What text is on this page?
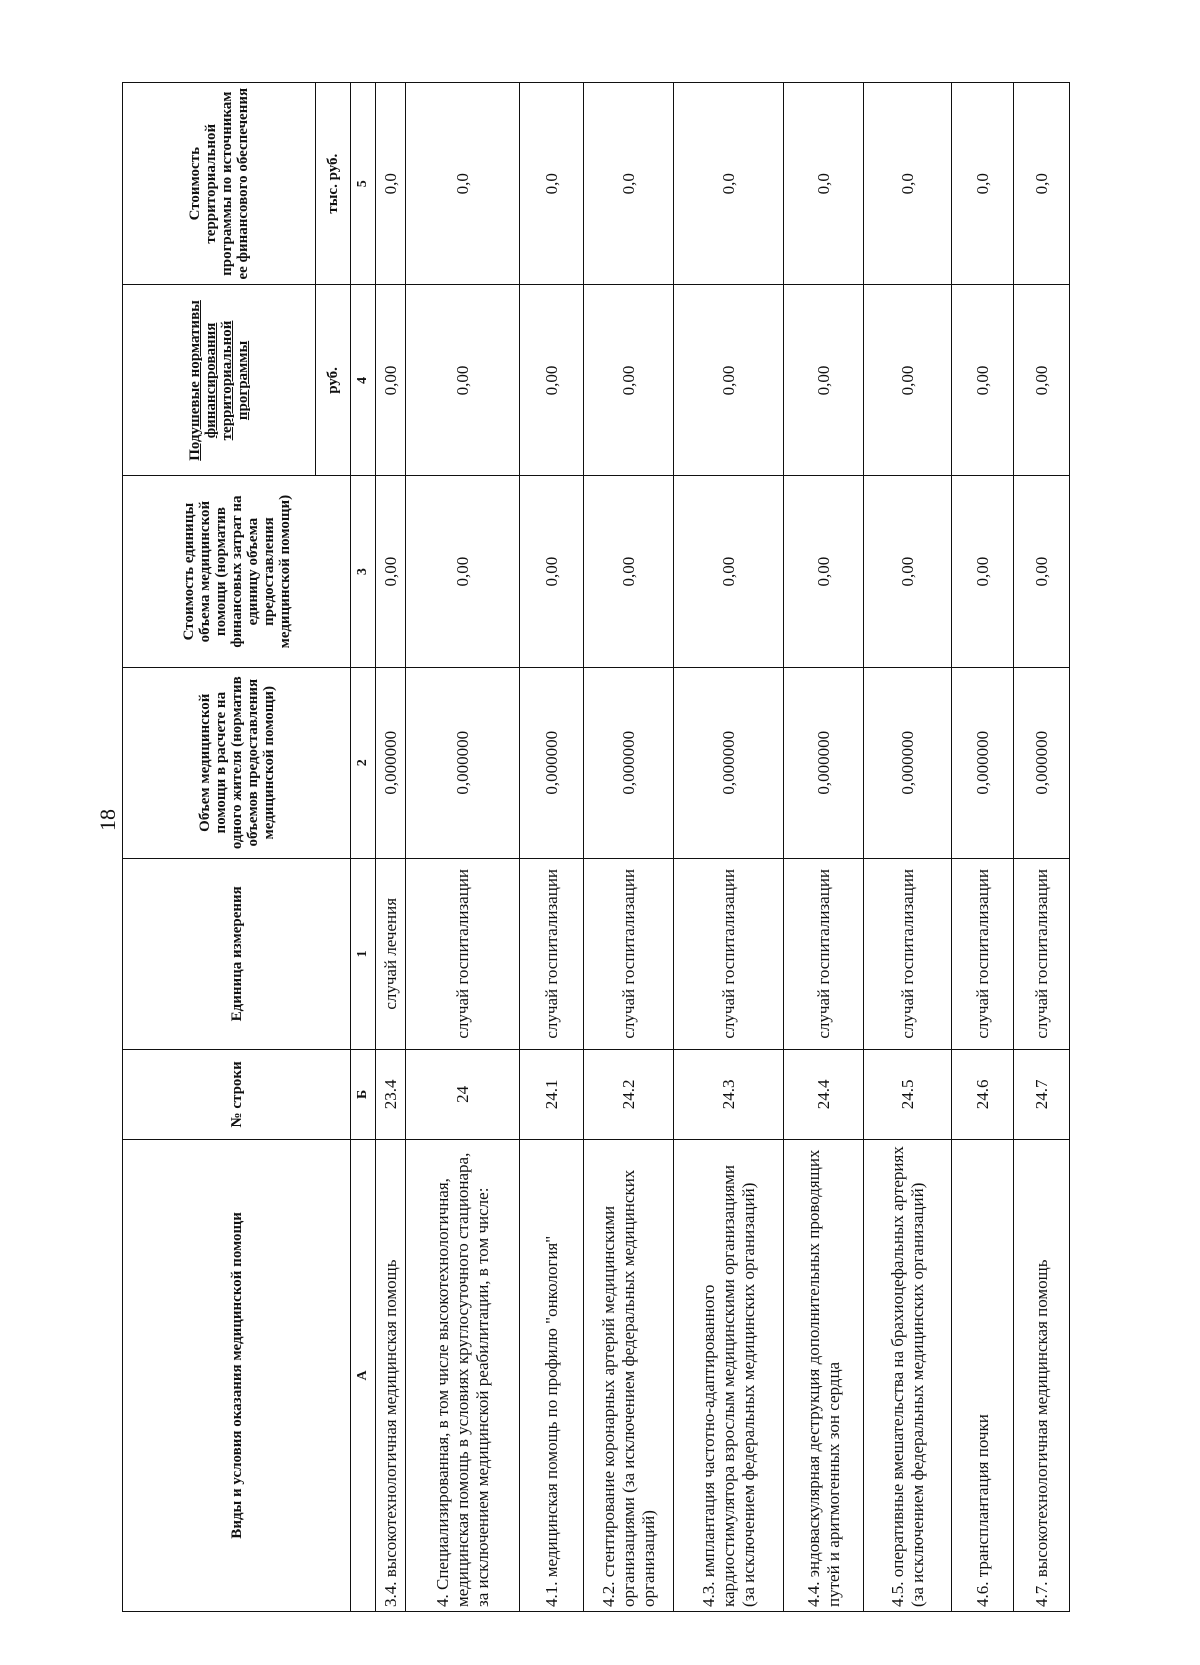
18
Виды и условия оказания медицинской помощи	№ строки	Единица измерения	Объем медицинской помощи в расчете на одного жителя (норматив объемов предоставления медицинской помощи)	Стоимость единицы объема медицинской помощи (норматив финансовых затрат на единицу объема предоставления медицинской помощи)	Подушевые нормативы финансирования территориальной программы	Стоимость территориальной программы по источникам ее финансового обеспечения
					руб.	тыс. руб.
А	Б	1	2	3	4	5
3.4. высокотехнологичная медицинская помощь	23.4	случай лечения	0,000000	0,00	0,00	0,0
4. Специализированная, в том числе высокотехнологичная, медицинская помощь в условиях круглосуточного стационара, за исключением медицинской реабилитации, в том числе:	24	случай госпитализации	0,000000	0,00	0,00	0,0
4.1. медицинская помощь по профилю "онкология"	24.1	случай госпитализации	0,000000	0,00	0,00	0,0
4.2. стентирование коронарных артерий медицинскими организациями (за исключением федеральных медицинских организаций)	24.2	случай госпитализации	0,000000	0,00	0,00	0,0
4.3. имплантация частотно-адаптированного кардиостимулятора взрослым медицинскими организациями (за исключением федеральных медицинских организаций)	24.3	случай госпитализации	0,000000	0,00	0,00	0,0
4.4. эндоваскулярная деструкция дополнительных проводящих путей и аритмогенных зон сердца	24.4	случай госпитализации	0,000000	0,00	0,00	0,0
4.5. оперативные вмешательства на брахиоцефальных артериях (за исключением федеральных медицинских организаций)	24.5	случай госпитализации	0,000000	0,00	0,00	0,0
4.6. трансплантация почки	24.6	случай госпитализации	0,000000	0,00	0,00	0,0
4.7. высокотехнологичная медицинская помощь	24.7	случай госпитализации	0,000000	0,00	0,00	0,0
